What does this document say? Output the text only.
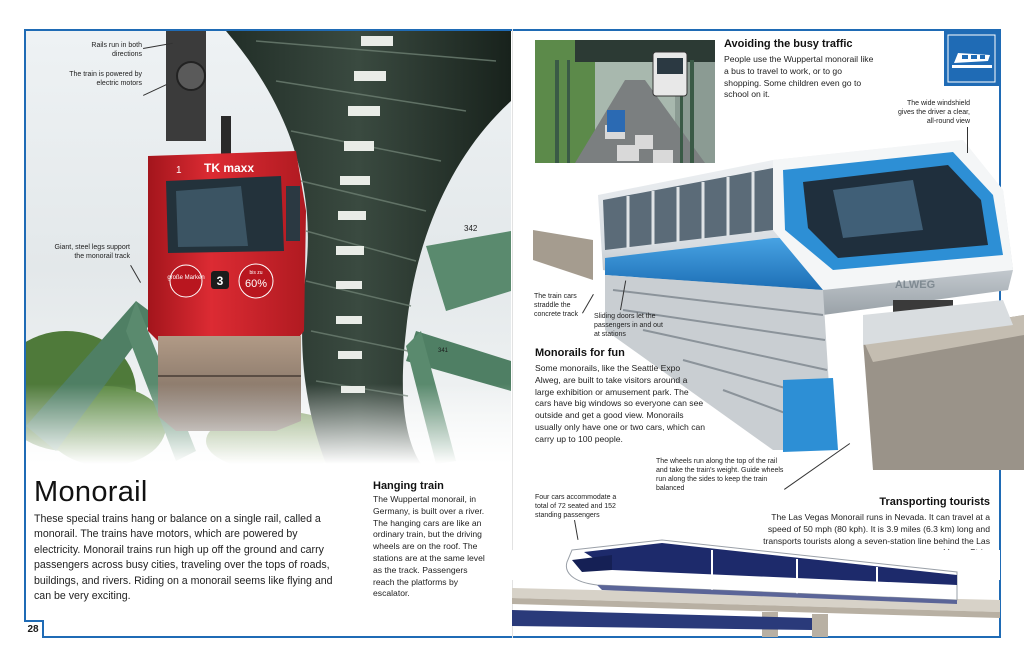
1 TK maxx
große Marken 3
bis zu
60%
342
341
Rails run in both directions
The train is powered by electric motors
Giant, steel legs support the monorail track
Avoiding the busy traffic
People use the Wuppertal monorail like a bus to travel to work, or to go shopping. Some children even go to school on it.
ALWEG
The wide windshield gives the driver a clear, all-round view
The train cars straddle the concrete track	Sliding doors let the passengers in and out at stations
The wheels run along the top of the rail and take the train's weight. Guide wheels run along the sides to keep the train balanced
Monorails for fun
Some monorails, like the Seattle Expo Alweg, are built to take visitors around a large exhibition or amusement park. The cars have big windows so everyone can see outside and get a good view. Monorails usually only have one or two cars, which can carry up to 100 people.
Monorail
These special trains hang or balance on a single rail, called a monorail. The trains have motors, which are powered by electricity. Monorail trains run high up off the ground and carry passengers across busy cities, traveling over the tops of roads, buildings, and rivers. Riding on a monorail seems like flying and can be very exciting.
Hanging train
The Wuppertal monorail, in Germany, is built over a river. The hanging cars are like an ordinary train, but the driving wheels are on the roof. The stations are at the same level as the track. Passengers reach the platforms by escalator.
Four cars accommodate a total of 72 seated and 152 standing passengers
Transporting tourists
The Las Vegas Monorail runs in Nevada. It can travel at a speed of 50 mph (80 kph). It is 3.9 miles (6.3 km) long and transports tourists along a seven-station line behind the Las
28
